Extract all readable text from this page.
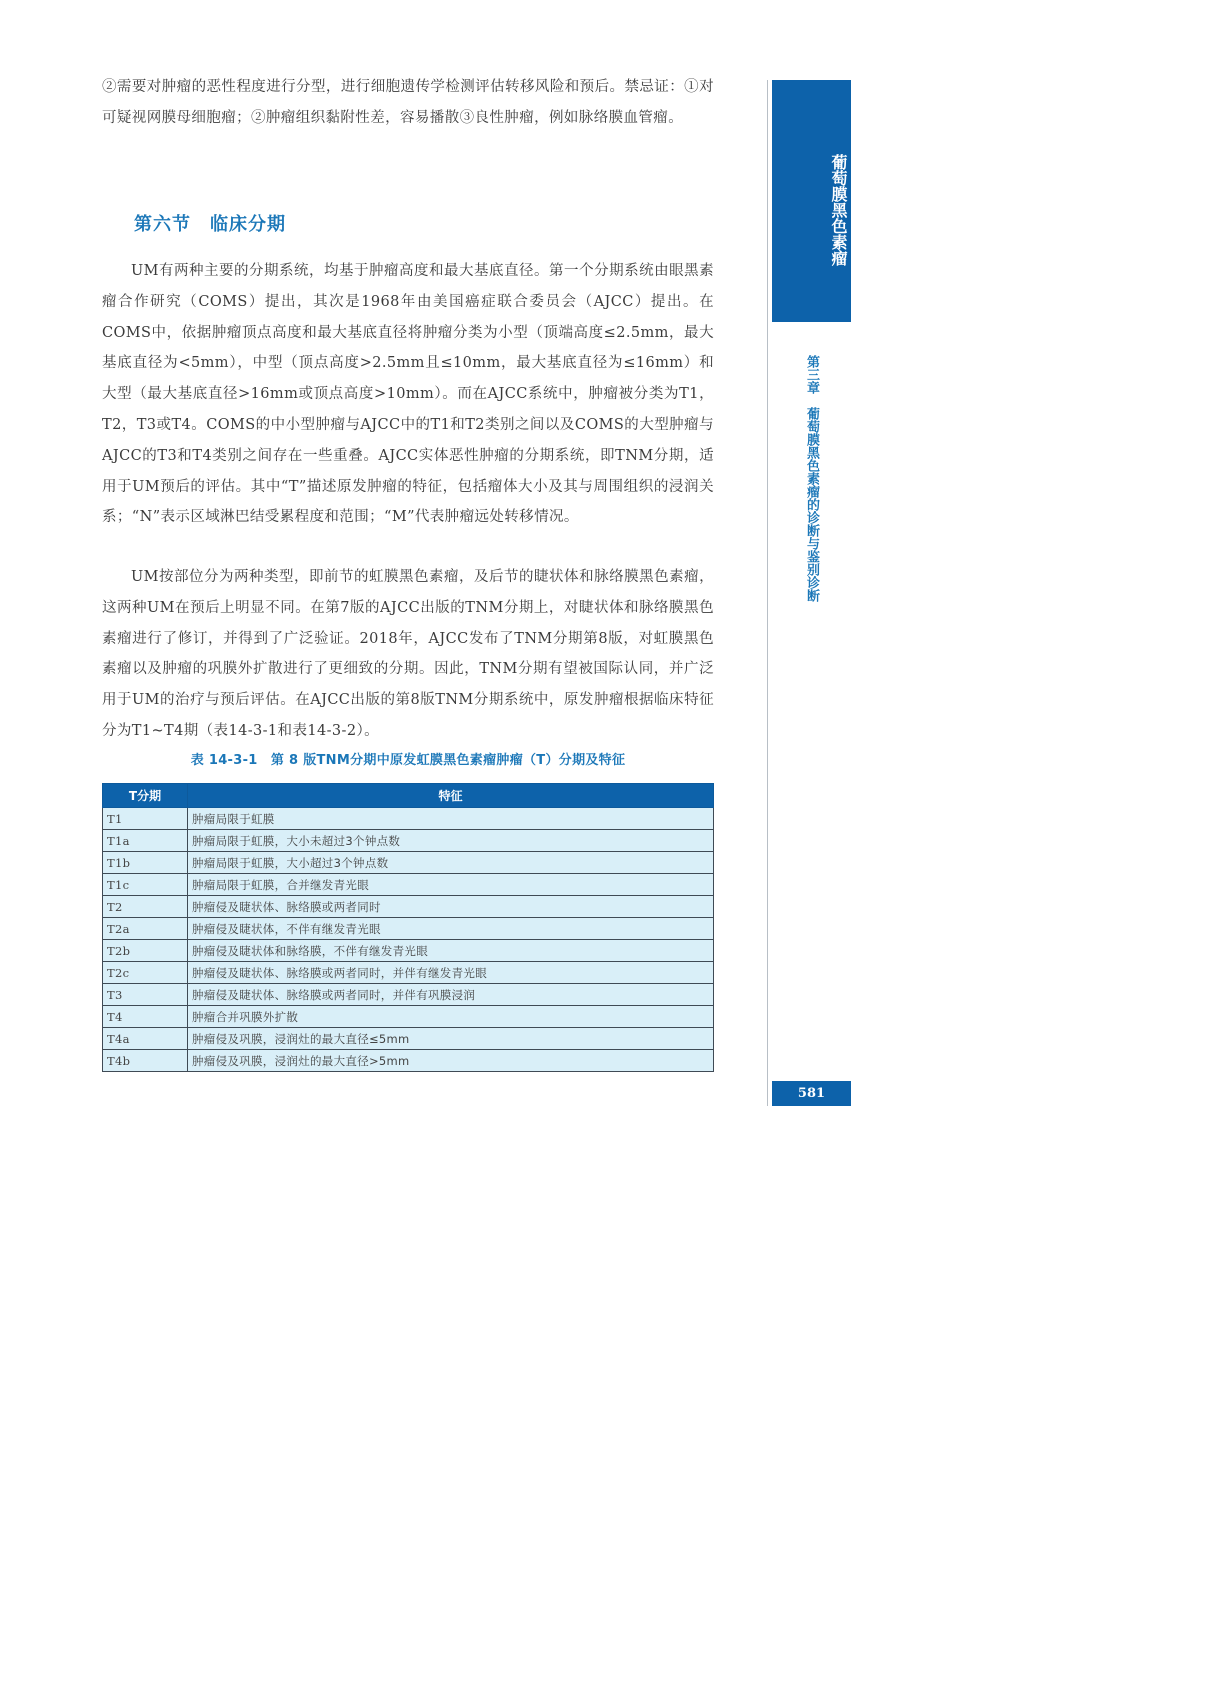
②需要对肿瘤的恶性程度进行分型，进行细胞遗传学检测评估转移风险和预后。禁忌证：①对可疑视网膜母细胞瘤；②肿瘤组织黏附性差，容易播散③良性肿瘤，例如脉络膜血管瘤。
第六节　临床分期
UM有两种主要的分期系统，均基于肿瘤高度和最大基底直径。第一个分期系统由眼黑素瘤合作研究（COMS）提出，其次是1968年由美国癌症联合委员会（AJCC）提出。在COMS中，依据肿瘤顶点高度和最大基底直径将肿瘤分类为小型（顶端高度≤2.5mm，最大基底直径为<5mm），中型（顶点高度>2.5mm且≤10mm，最大基底直径为≤16mm）和大型（最大基底直径>16mm或顶点高度>10mm）。而在AJCC系统中，肿瘤被分类为T1，T2，T3或T4。COMS的中小型肿瘤与AJCC中的T1和T2类别之间以及COMS的大型肿瘤与AJCC的T3和T4类别之间存在一些重叠。AJCC实体恶性肿瘤的分期系统，即TNM分期，适用于UM预后的评估。其中“T”描述原发肿瘤的特征，包括瘤体大小及其与周围组织的浸润关系；“N”表示区域淋巴结受累程度和范围；“M”代表肿瘤远处转移情况。
UM按部位分为两种类型，即前节的虹膜黑色素瘤，及后节的睫状体和脉络膜黑色素瘤，这两种UM在预后上明显不同。在第7版的AJCC出版的TNM分期上，对睫状体和脉络膜黑色素瘤进行了修订，并得到了广泛验证。2018年，AJCC发布了TNM分期第8版，对虹膜黑色素瘤以及肿瘤的巩膜外扩散进行了更细致的分期。因此，TNM分期有望被国际认同，并广泛用于UM的治疗与预后评估。在AJCC出版的第8版TNM分期系统中，原发肿瘤根据临床特征分为T1~T4期（表14-3-1和表14-3-2）。
表 14-3-1　第 8 版TNM分期中原发虹膜黑色素瘤肿瘤（T）分期及特征
T分期	特征
T1	肿瘤局限于虹膜
T1a	肿瘤局限于虹膜，大小未超过3个钟点数
T1b	肿瘤局限于虹膜，大小超过3个钟点数
T1c	肿瘤局限于虹膜，合并继发青光眼
T2	肿瘤侵及睫状体、脉络膜或两者同时
T2a	肿瘤侵及睫状体，不伴有继发青光眼
T2b	肿瘤侵及睫状体和脉络膜，不伴有继发青光眼
T2c	肿瘤侵及睫状体、脉络膜或两者同时，并伴有继发青光眼
T3	肿瘤侵及睫状体、脉络膜或两者同时，并伴有巩膜浸润
T4	肿瘤合并巩膜外扩散
T4a	肿瘤侵及巩膜，浸润灶的最大直径≤5mm
T4b	肿瘤侵及巩膜，浸润灶的最大直径>5mm
葡萄膜黑色素瘤
第三章　葡萄膜黑色素瘤的诊断与鉴别诊断
581
